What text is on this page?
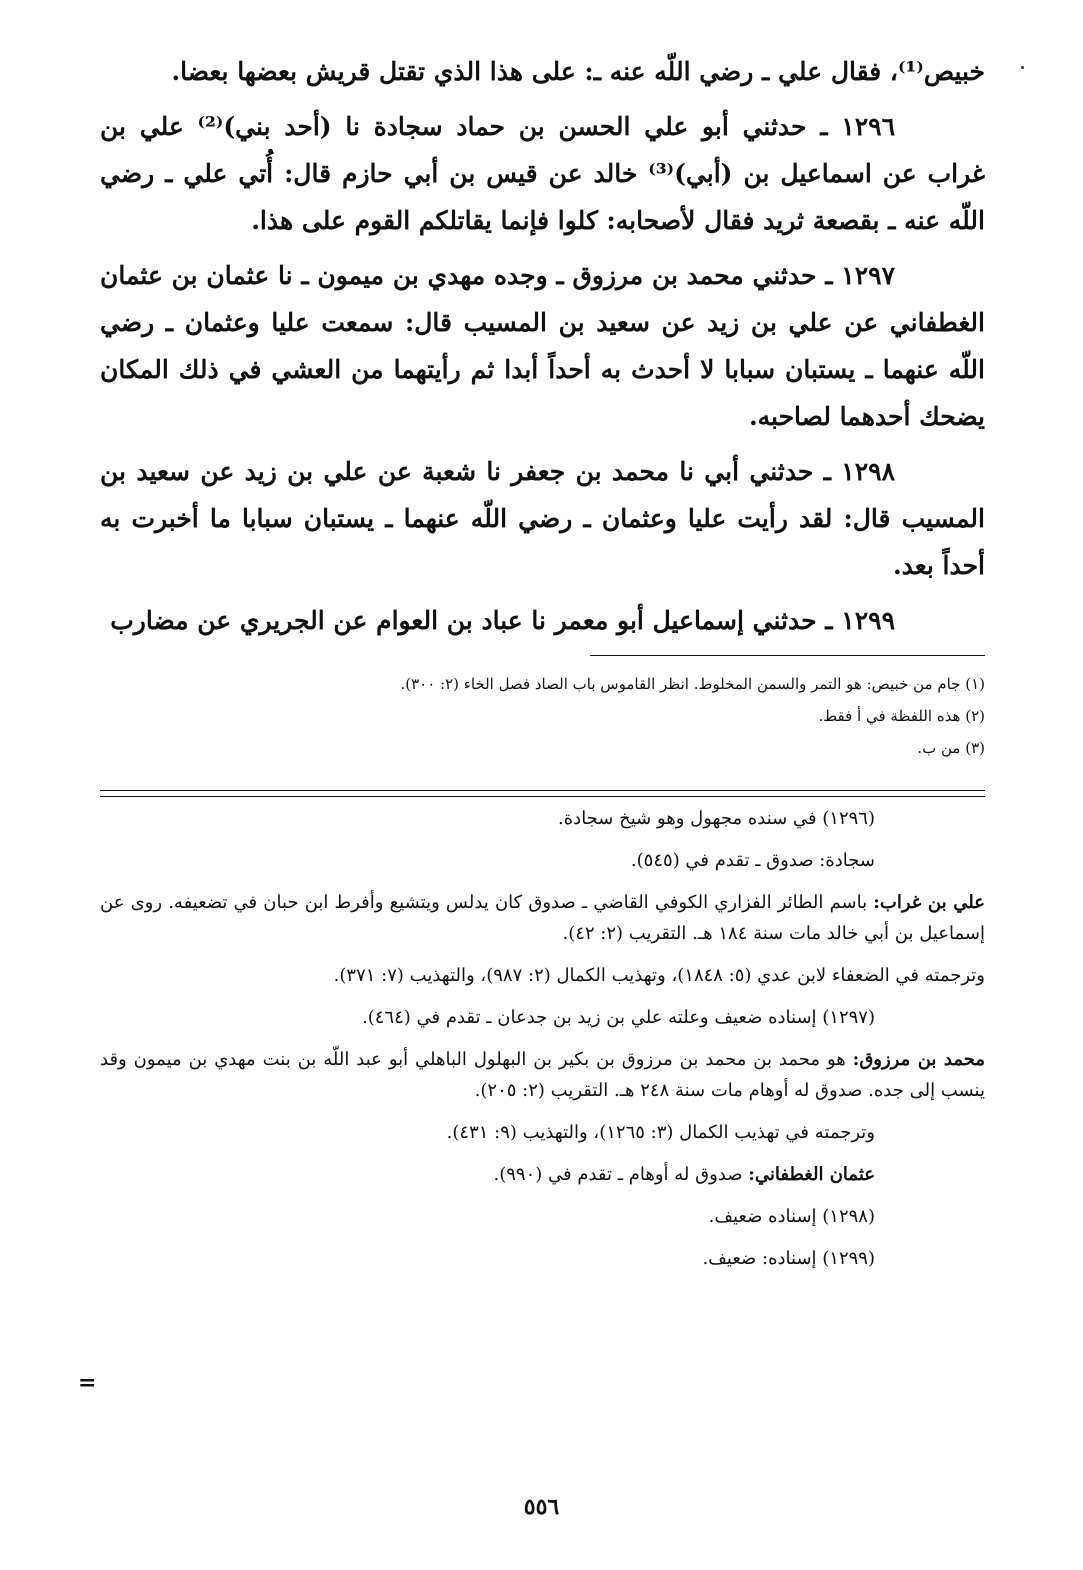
خبيص⁽¹⁾، فقال علي ـ رضي اللّه عنه ـ: على هذا الذي تقتل قريش بعضها بعضا.

١٢٩٦ ـ حدثني أبو علي الحسن بن حماد سجادة نا (أحد بني)⁽²⁾ علي بن غراب عن اسماعيل بن (أبي)⁽³⁾ خالد عن قيس بن أبي حازم قال: أُتي علي ـ رضي اللّه عنه ـ بقصعة ثريد فقال لأصحابه: كلوا فإنما يقاتلكم القوم على هذا.

١٢٩٧ ـ حدثني محمد بن مرزوق ـ وجده مهدي بن ميمون ـ نا عثمان بن عثمان الغطفاني عن علي بن زيد عن سعيد بن المسيب قال: سمعت عليا وعثمان ـ رضي اللّه عنهما ـ يستبان سبابا لا أحدث به أحداً أبدا ثم رأيتهما من العشي في ذلك المكان يضحك أحدهما لصاحبه.

١٢٩٨ ـ حدثني أبي نا محمد بن جعفر نا شعبة عن علي بن زيد عن سعيد بن المسيب قال: لقد رأيت عليا وعثمان ـ رضي اللّه عنهما ـ يستبان سبابا ما أخبرت به أحداً بعد.

١٢٩٩ ـ حدثني إسماعيل أبو معمر نا عباد بن العوام عن الجريري عن مضارب

(١) جام من خبيص: هو التمر والسمن المخلوط. انظر القاموس باب الصاد فصل الخاء (٢: ٣٠٠).

(٢) هذه اللفظة في أ فقط.

(٣) من ب.

(١٢٩٦) في سنده مجهول وهو شيخ سجادة.

سجادة: صدوق ـ تقدم في (٥٤٥).

علي بن غراب: باسم الطائر الفزاري الكوفي القاضي ـ صدوق كان يدلس ويتشيع وأفرط ابن حبان في تضعيفه. روى عن إسماعيل بن أبي خالد مات سنة ١٨٤ هـ. التقريب (٢: ٤٢).

وترجمته في الضعفاء لابن عدي (٥: ١٨٤٨)، وتهذيب الكمال (٢: ٩٨٧)، والتهذيب (٧: ٣٧١).

(١٢٩٧) إسناده ضعيف وعلته علي بن زيد بن جدعان ـ تقدم في (٤٦٤).

محمد بن مرزوق: هو محمد بن محمد بن مرزوق بن بكير بن البهلول الباهلي أبو عبد اللّه بن بنت مهدي بن ميمون وقد ينسب إلى جده. صدوق له أوهام مات سنة ٢٤٨ هـ. التقريب (٢: ٢٠٥).

وترجمته في تهذيب الكمال (٣: ١٢٦٥)، والتهذيب (٩: ٤٣١).

عثمان الغطفاني: صدوق له أوهام ـ تقدم في (٩٩٠).

(١٢٩٨) إسناده ضعيف.

(١٢٩٩) إسناده: ضعيف.

=
٥٥٦
